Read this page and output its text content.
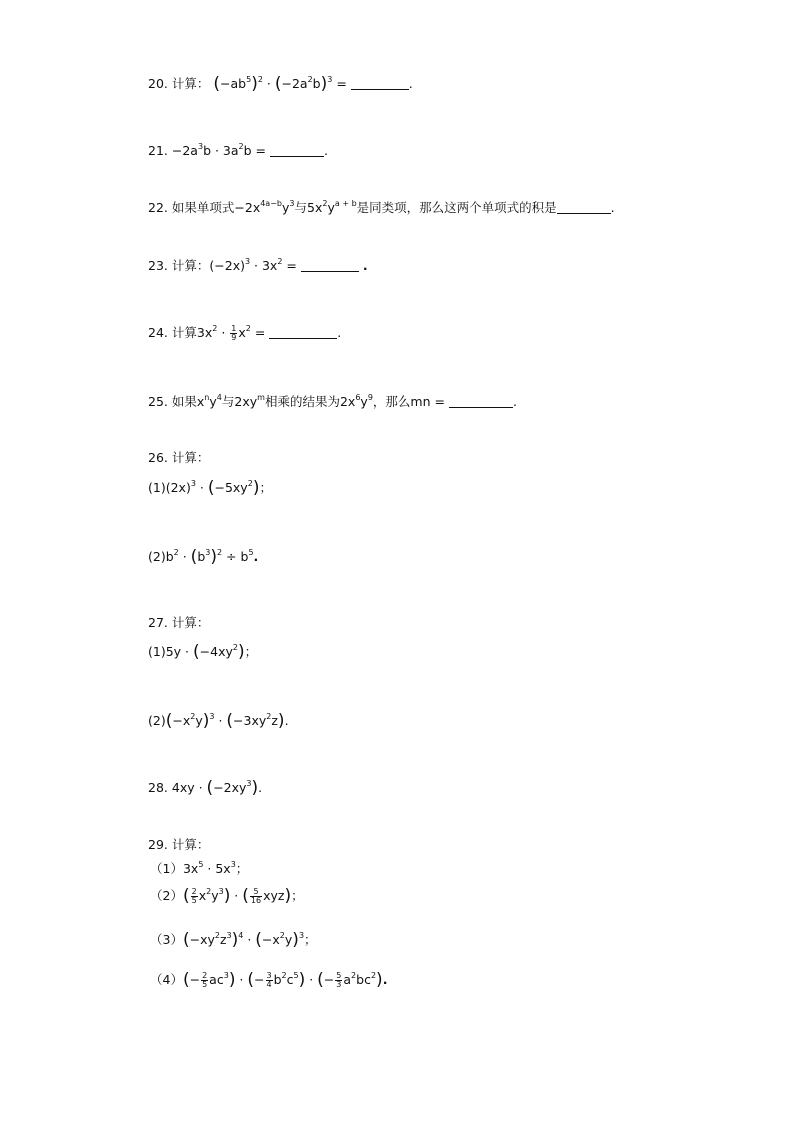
20. 计算： $(-ab^5)^2 \cdot (-2a^2b)^3$ =	.
21. $-2a^3b \cdot 3a^2b$ =	.
22. 如果单项式$-2x^{4a-b}y^3$与$5x^2y^{a + b}$是同类项，那么这两个单项式的积是	.
23. 计算：$(-2x)^3 \cdot 3x^2$ =	.
24. 计算$3x^2 \cdot \frac{1}{9} x^2$ =	.
25. 如果$x^ny^4$与$2xy^m$相乘的结果为$2x^6y^9$，那么mn =	.
26. 计算：
$(1)(2x)^3 \cdot (-5xy^2)$；
$(2)b^2 \cdot (b^3)^2 \div b^5$.
27. 计算：
$(1)5y \cdot (-4xy^2)$；
$(2)(-x^2y)^3 \cdot (-3xy^2z)$.
28. $4xy \cdot (-2xy^3)$.
29. 计算：
$(1)3x^5 \cdot 5x^3$；
$(2)( \frac{2}{5} x^2y^3)$ · ( $\frac{5}{16} xyz$)；
$(3)(-xy^2z^3)^4 \cdot (-x^2y)^3$；
$(4)(- \frac{2}{5} ac^3)$ · (− $\frac{3}{4} b^2c^5$) · (− $\frac{5}{3} a^2bc^2$).
